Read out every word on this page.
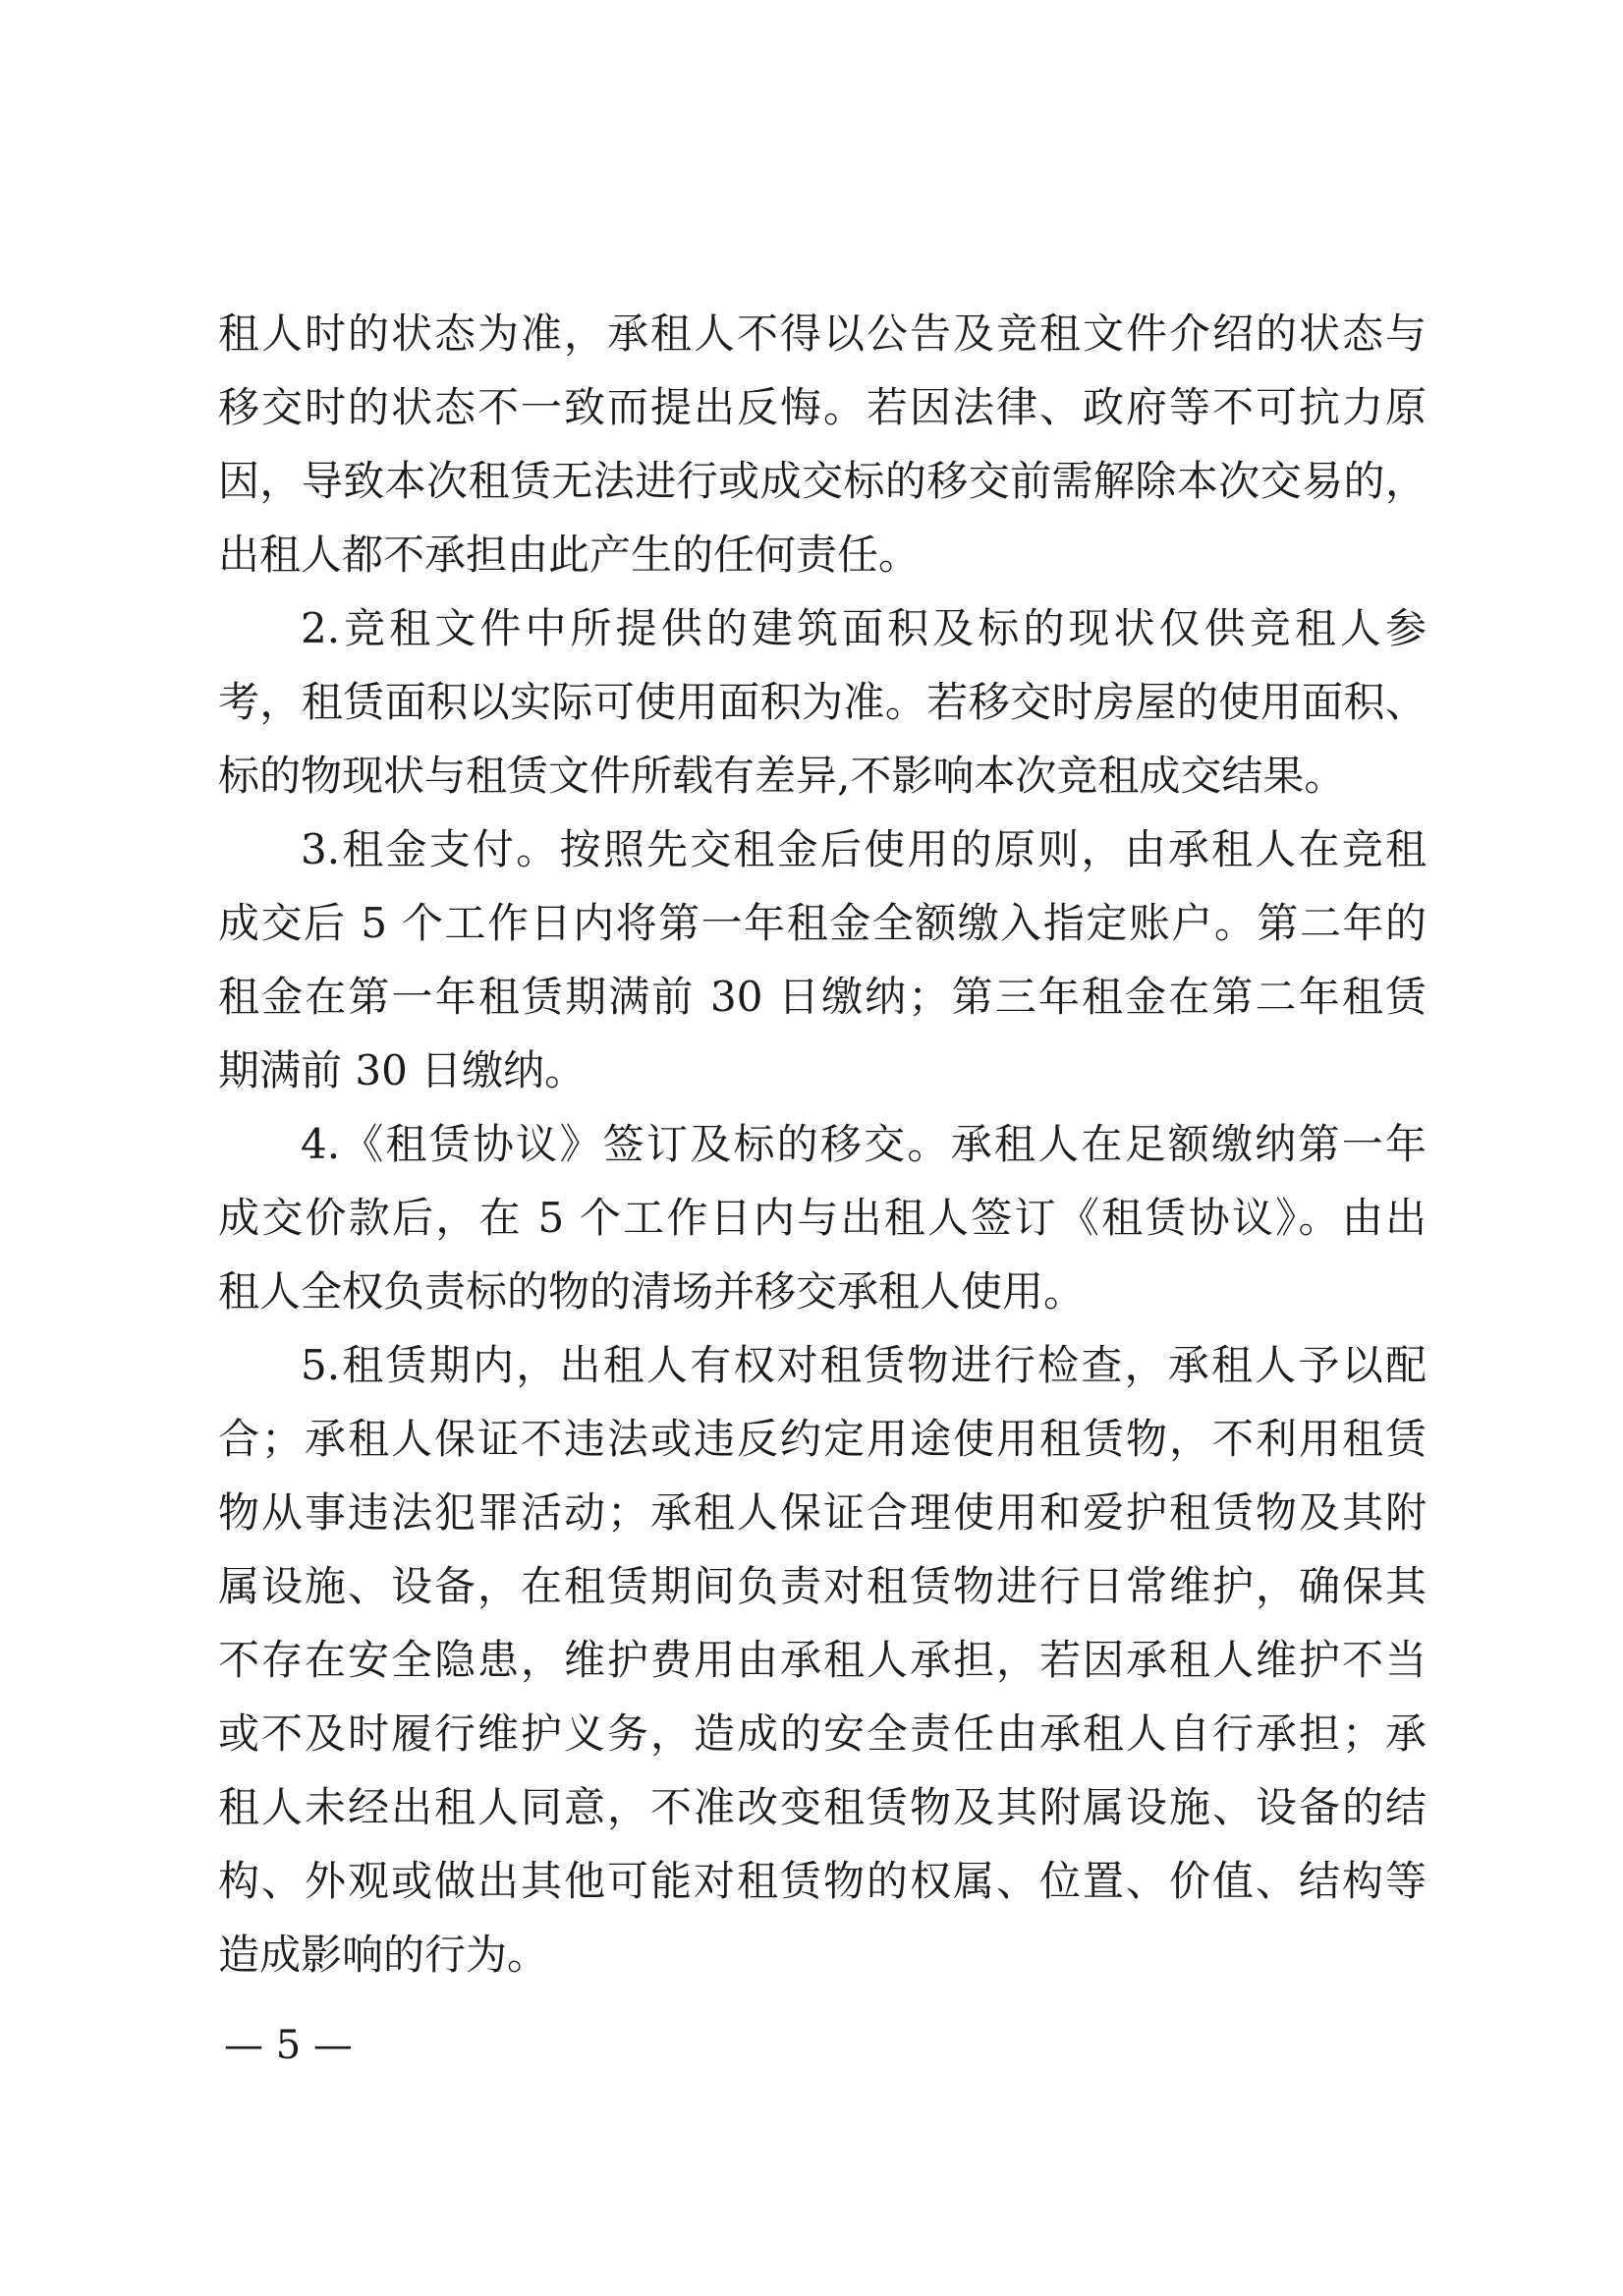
租人时的状态为准，承租人不得以公告及竞租文件介绍的状态与
移交时的状态不一致而提出反悔。若因法律、政府等不可抗力原
因，导致本次租赁无法进行或成交标的移交前需解除本次交易的，
出租人都不承担由此产生的任何责任。
2.竞租文件中所提供的建筑面积及标的现状仅供竞租人参
考，租赁面积以实际可使用面积为准。若移交时房屋的使用面积、
标的物现状与租赁文件所载有差异,不影响本次竞租成交结果。
3.租金支付。按照先交租金后使用的原则，由承租人在竞租
成交后 5 个工作日内将第一年租金全额缴入指定账户。第二年的
租金在第一年租赁期满前 30 日缴纳；第三年租金在第二年租赁
期满前 30 日缴纳。
4.《租赁协议》签订及标的移交。承租人在足额缴纳第一年
成交价款后，在 5 个工作日内与出租人签订《租赁协议》。由出
租人全权负责标的物的清场并移交承租人使用。
5.租赁期内，出租人有权对租赁物进行检查，承租人予以配
合；承租人保证不违法或违反约定用途使用租赁物，不利用租赁
物从事违法犯罪活动；承租人保证合理使用和爱护租赁物及其附
属设施、设备，在租赁期间负责对租赁物进行日常维护，确保其
不存在安全隐患，维护费用由承租人承担，若因承租人维护不当
或不及时履行维护义务，造成的安全责任由承租人自行承担；承
租人未经出租人同意，不准改变租赁物及其附属设施、设备的结
构、外观或做出其他可能对租赁物的权属、位置、价值、结构等
造成影响的行为。
— 5 —
